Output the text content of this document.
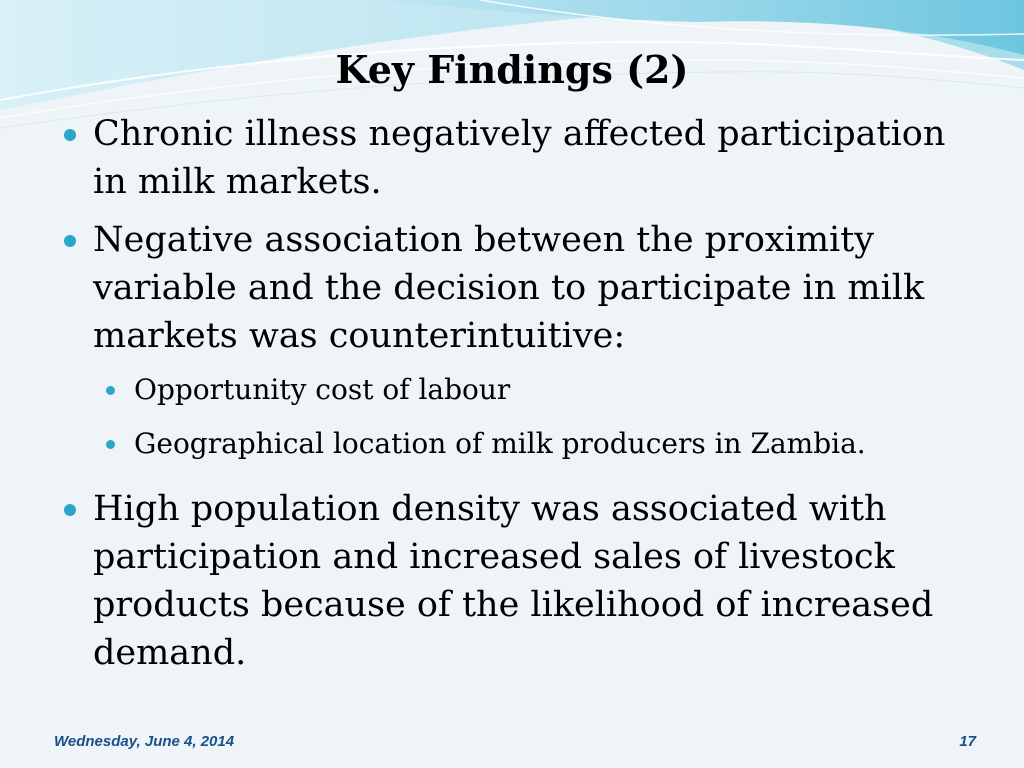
Key Findings (2)
Chronic illness negatively affected participation in milk markets.
Negative association between the proximity variable and the decision to participate in milk markets was counterintuitive:
Opportunity cost of labour
Geographical location of milk producers in Zambia.
High population density was associated with participation and increased sales of livestock products because of the likelihood of increased demand.
Wednesday, June 4, 2014	17
